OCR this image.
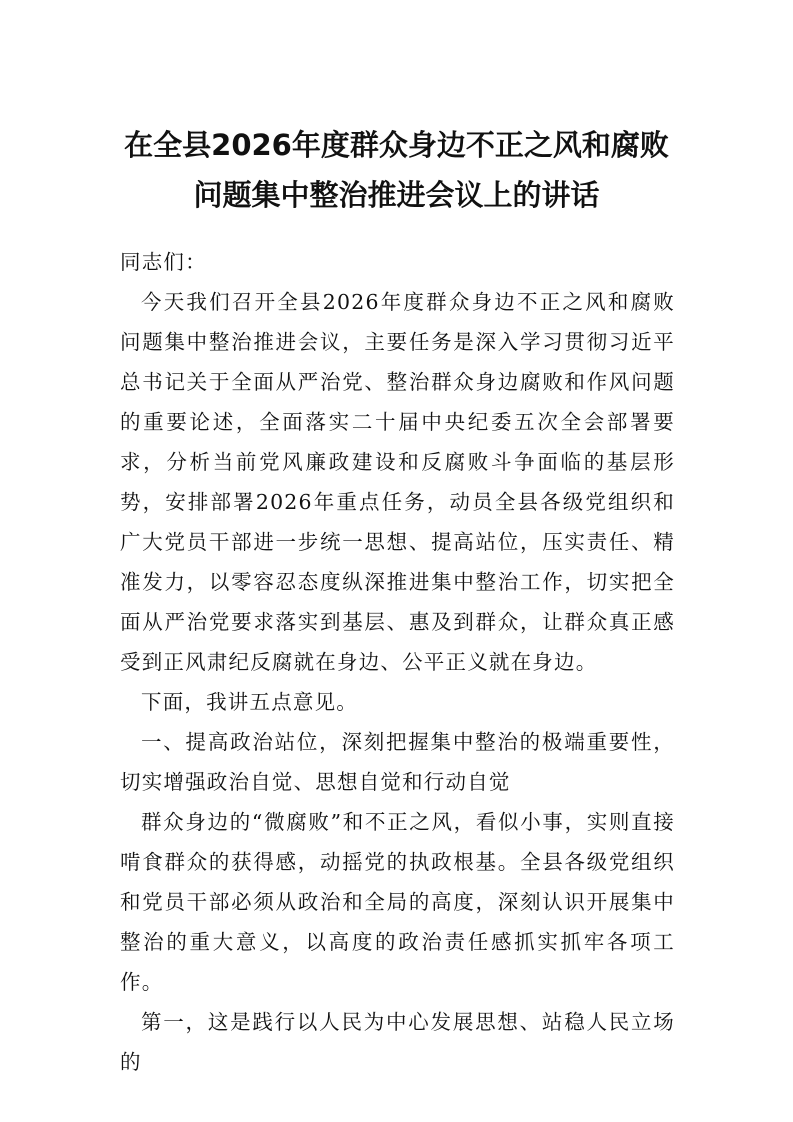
在全县2026年度群众身边不正之风和腐败
问题集中整治推进会议上的讲话

同志们：

今天我们召开全县2026年度群众身边不正之风和腐败问题集中整治推进会议，主要任务是深入学习贯彻习近平总书记关于全面从严治党、整治群众身边腐败和作风问题的重要论述，全面落实二十届中央纪委五次全会部署要求，分析当前党风廉政建设和反腐败斗争面临的基层形势，安排部署2026年重点任务，动员全县各级党组织和广大党员干部进一步统一思想、提高站位，压实责任、精准发力，以零容忍态度纵深推进集中整治工作，切实把全面从严治党要求落实到基层、惠及到群众，让群众真正感受到正风肃纪反腐就在身边、公平正义就在身边。

下面，我讲五点意见。

一、提高政治站位，深刻把握集中整治的极端重要性，切实增强政治自觉、思想自觉和行动自觉

群众身边的“微腐败”和不正之风，看似小事，实则直接啃食群众的获得感，动摇党的执政根基。全县各级党组织和党员干部必须从政治和全局的高度，深刻认识开展集中整治的重大意义，以高度的政治责任感抓实抓牢各项工作。

第一，这是践行以人民为中心发展思想、站稳人民立场的
